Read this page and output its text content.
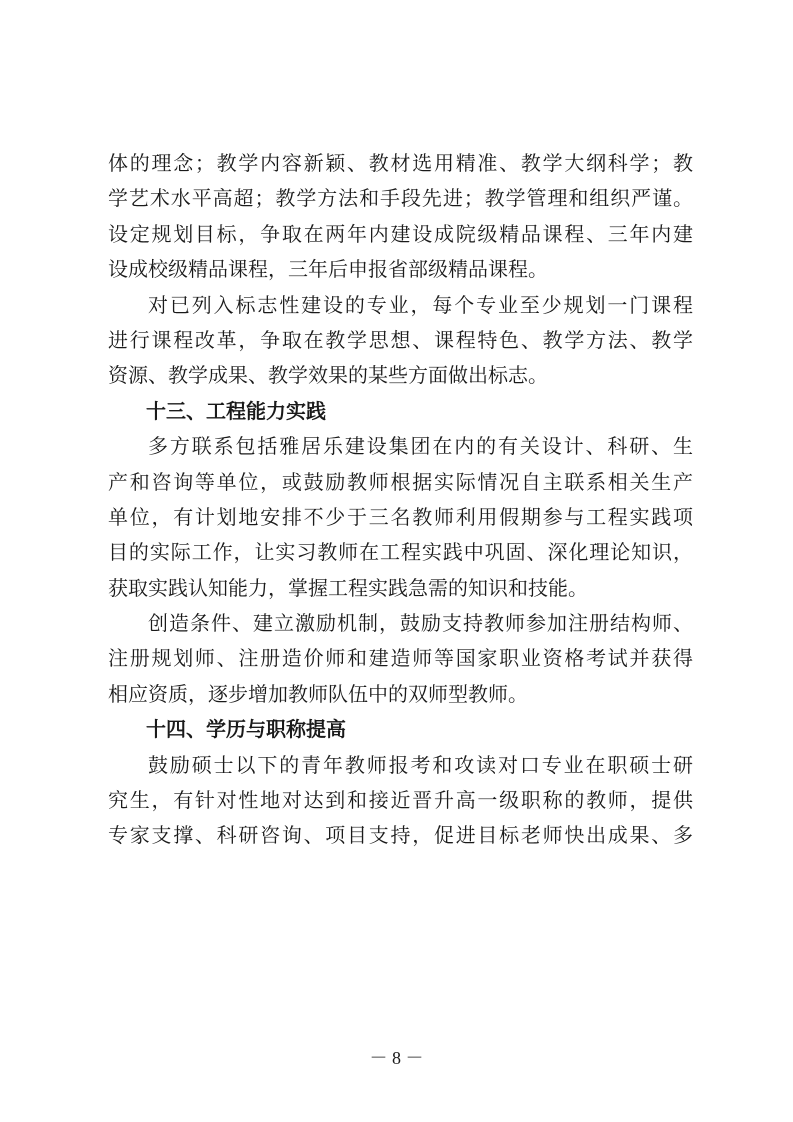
体的理念；教学内容新颖、教材选用精准、教学大纲科学；教
学艺术水平高超；教学方法和手段先进；教学管理和组织严谨。
设定规划目标，争取在两年内建设成院级精品课程、三年内建
设成校级精品课程，三年后申报省部级精品课程。
对已列入标志性建设的专业，每个专业至少规划一门课程
进行课程改革，争取在教学思想、课程特色、教学方法、教学
资源、教学成果、教学效果的某些方面做出标志。
十三、工程能力实践
多方联系包括雅居乐建设集团在内的有关设计、科研、生
产和咨询等单位，或鼓励教师根据实际情况自主联系相关生产
单位，有计划地安排不少于三名教师利用假期参与工程实践项
目的实际工作，让实习教师在工程实践中巩固、深化理论知识，
获取实践认知能力，掌握工程实践急需的知识和技能。
创造条件、建立激励机制，鼓励支持教师参加注册结构师、
注册规划师、注册造价师和建造师等国家职业资格考试并获得
相应资质，逐步增加教师队伍中的双师型教师。
十四、学历与职称提高
鼓励硕士以下的青年教师报考和攻读对口专业在职硕士研
究生，有针对性地对达到和接近晋升高一级职称的教师，提供
专家支撑、科研咨询、项目支持，促进目标老师快出成果、多
－ 8 －
